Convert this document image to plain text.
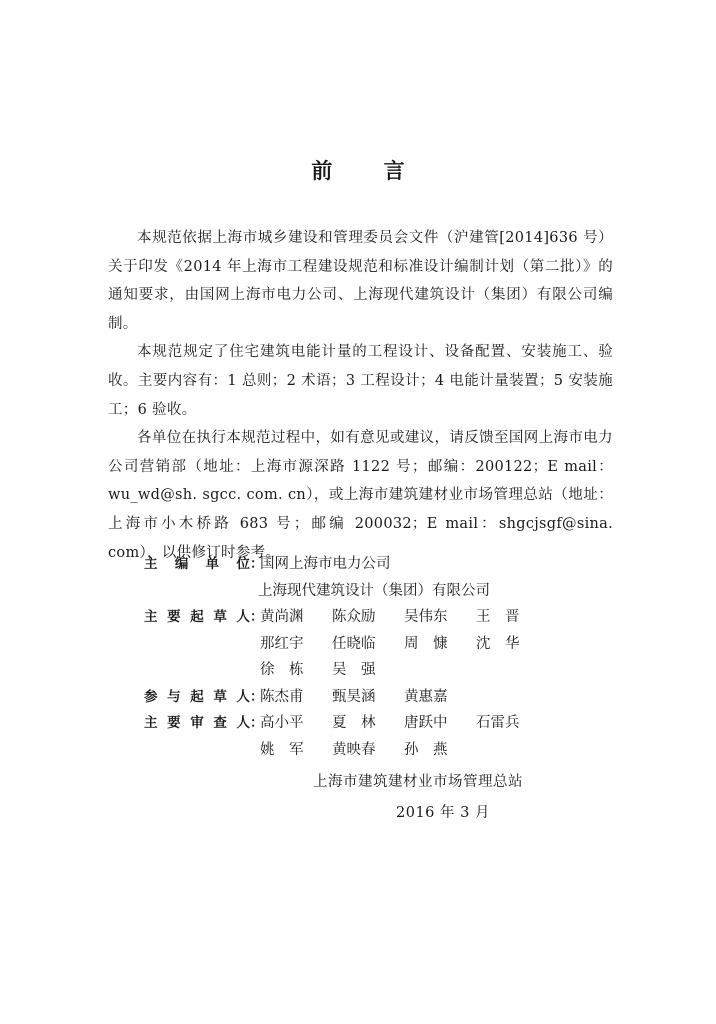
前 言

本规范依据上海市城乡建设和管理委员会文件（沪建管[2014]636 号）关于印发《2014 年上海市工程建设规范和标准设计编制计划（第二批）》的通知要求，由国网上海市电力公司、上海现代建筑设计（集团）有限公司编制。

本规范规定了住宅建筑电能计量的工程设计、设备配置、安装施工、验收。主要内容有：1 总则；2 术语；3 工程设计；4 电能计量装置；5 安装施工；6 验收。

各单位在执行本规范过程中，如有意见或建议，请反馈至国网上海市电力公司营销部（地址：上海市源深路 1122 号；邮编：200122；E mail：wu_wd@sh. sgcc. com. cn），或上海市建筑建材业市场管理总站（地址：上海市小木桥路 683 号；邮编 200032；E mail：shgcjsgf@sina. com），以供修订时参考。

主 编 单 位 ：
国网上海市电力公司
上海现代建筑设计（集团）有限公司
主 要 起 草 人 ：
黄尚渊	陈众励	吴伟东	王　晋
那红宇	任晓临	周　慷	沈　华
徐　栋	吴　强
参 与 起 草 人 ：
陈杰甫	甄昊涵	黄惠嘉
主 要 审 查 人 ：
高小平	夏　林	唐跃中	石雷兵
姚　军	黄映春	孙　燕
上海市建筑建材业市场管理总站
2016 年 3 月
